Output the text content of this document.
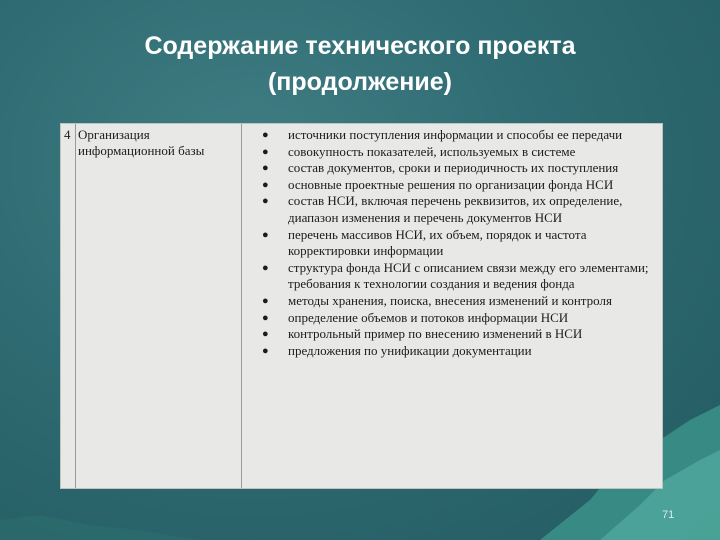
Содержание технического проекта
(продолжение)
4 Организация информационной базы
● источники поступления информации и способы ее передачи
● совокупность показателей, используемых в системе
● состав документов, сроки и периодичность их поступления
● основные проектные решения по организации фонда НСИ
● состав НСИ, включая перечень реквизитов, их определение, диапазон изменения и перечень документов НСИ
● перечень массивов НСИ, их объем, порядок и частота корректировки информации
● структура фонда НСИ с описанием связи между его элементами; требования к технологии создания и ведения фонда
● методы хранения, поиска, внесения изменений и контроля
● определение объемов и потоков информации НСИ
● контрольный пример по внесению изменений в НСИ
● предложения по унификации документации
71
